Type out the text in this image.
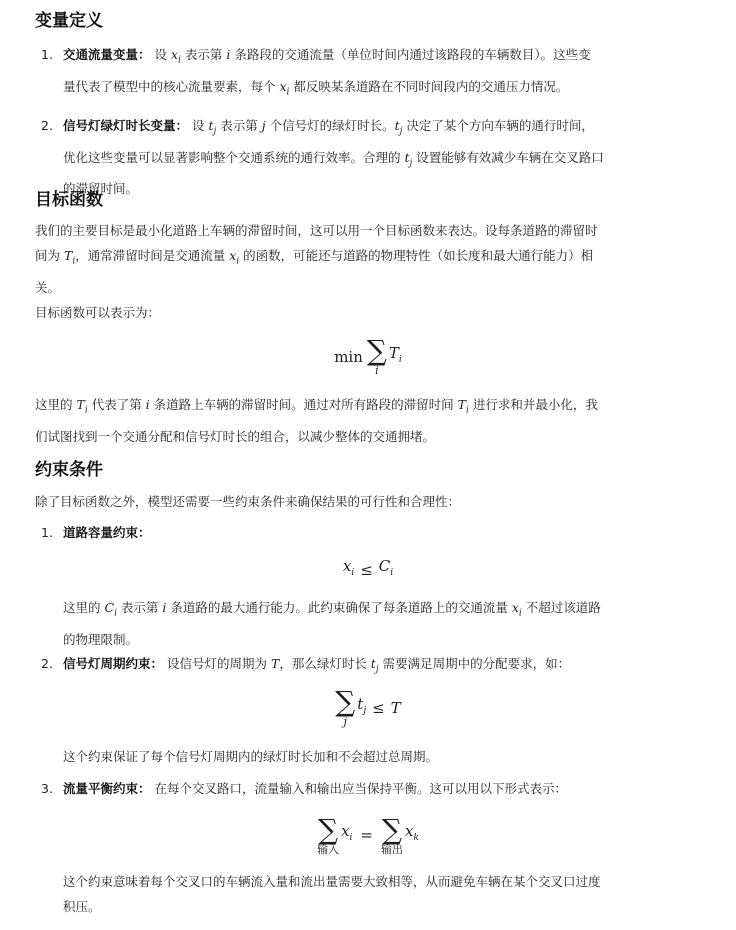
变量定义
1. 交通流量变量： 设 $x_i$ 表示第 i 条路段的交通流量（单位时间内通过该路段的车辆数目）。这些变
量代表了模型中的核心流量要素，每个 $x_i$ 都反映某条道路在不同时间段内的交通压力情况。
2. 信号灯绿灯时长变量： 设 $t_j$ 表示第 j 个信号灯的绿灯时长。$t_j$ 决定了某个方向车辆的通行时间，
优化这些变量可以显著影响整个交通系统的通行效率。合理的 $t_j$ 设置能够有效减少车辆在交叉路口
的滞留时间。
目标函数
我们的主要目标是最小化道路上车辆的滞留时间，这可以用一个目标函数来表达。设每条道路的滞留时
间为 $T_i$，通常滞留时间是交通流量 $x_i$ 的函数，可能还与道路的物理特性（如长度和最大通行能力）相
关。

目标函数可以表示为：

min ∑
i
$T_i$
这里的 $T_i$ 代表了第 i 条道路上车辆的滞留时间。通过对所有路段的滞留时间 $T_i$ 进行求和并最小化，我
们试图找到一个交通分配和信号灯时长的组合，以减少整体的交通拥堵。
约束条件

除了目标函数之外，模型还需要一些约束条件来确保结果的可行性和合理性：

1. 道路容量约束：
$x_i \le C_i$
这里的 $C_i$ 表示第 i 条道路的最大通行能力。此约束确保了每条道路上的交通流量 $x_i$ 不超过该道路
的物理限制。
2. 信号灯周期约束： 设信号灯的周期为 T，那么绿灯时长 $t_j$ 需要满足周期中的分配要求，如：
∑
j
$t_j \le T$

这个约束保证了每个信号灯周期内的绿灯时长加和不会超过总周期。

3. 流量平衡约束： 在每个交叉路口，流量输入和输出应当保持平衡。这可以用以下形式表示：
∑
输入
$x_i$ = ∑
输出
$x_k$
这个约束意味着每个交叉口的车辆流入量和流出量需要大致相等，从而避免车辆在某个交叉口过度
积压。
